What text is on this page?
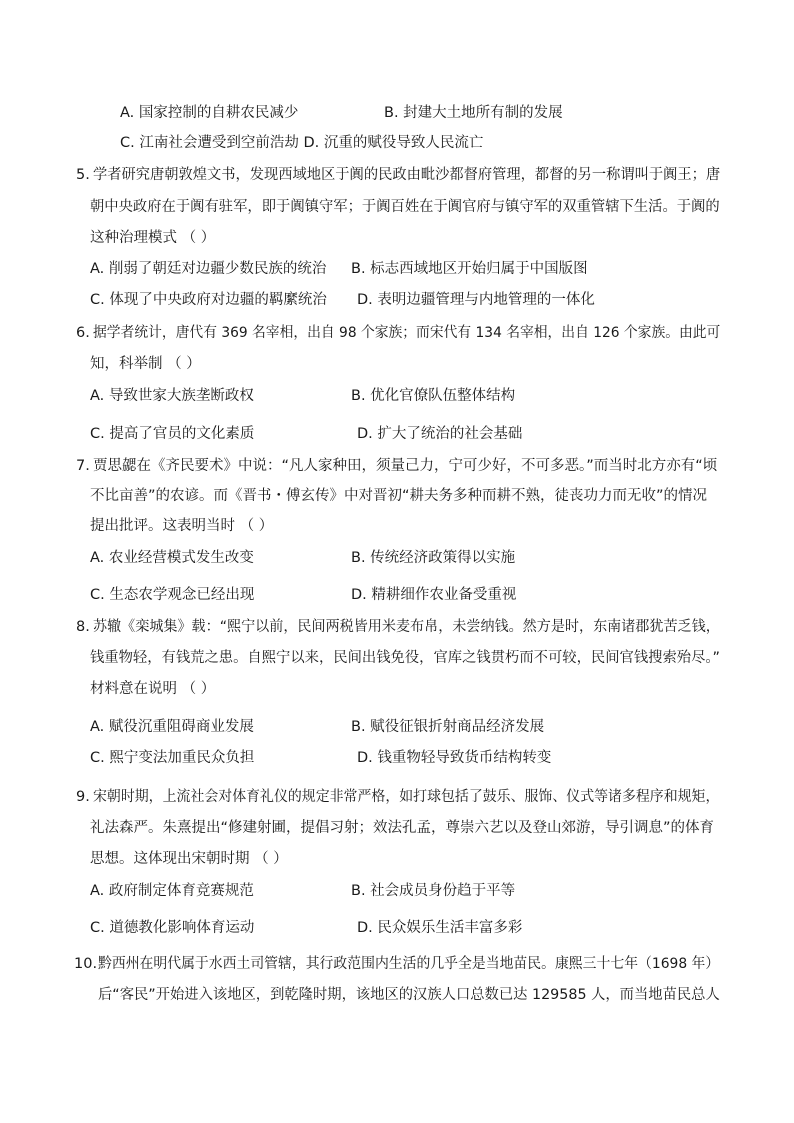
A. 国家控制的自耕农民减少	B. 封建大土地所有制的发展
C. 江南社会遭受到空前浩劫 D. 沉重的赋役导致人民流亡
5. 学者研究唐朝敦煌文书，发现西域地区于阗的民政由毗沙都督府管理，都督的另一称谓叫于阗王；唐
朝中央政府在于阗有驻军，即于阗镇守军；于阗百姓在于阗官府与镇守军的双重管辖下生活。于阗的
这种治理模式 （ ）
A. 削弱了朝廷对边疆少数民族的统治 B. 标志西域地区开始归属于中国版图
C. 体现了中央政府对边疆的羁縻统治 D. 表明边疆管理与内地管理的一体化
6. 据学者统计，唐代有 369 名宰相，出自 98 个家族；而宋代有 134 名宰相，出自 126 个家族。由此可
知，科举制 （ ）
A. 导致世家大族垄断政权	B. 优化官僚队伍整体结构
C. 提高了官员的文化素质	D. 扩大了统治的社会基础
7. 贾思勰在《齐民要术》中说：“凡人家种田，须量己力，宁可少好，不可多恶。”而当时北方亦有“顷
不比亩善”的农谚。而《晋书・傅玄传》中对晋初“耕夫务多种而耕不熟，徒丧功力而无收”的情况
提出批评。这表明当时 （ ）
A. 农业经营模式发生改变	B. 传统经济政策得以实施
C. 生态农学观念已经出现	D. 精耕细作农业备受重视
8. 苏辙《栾城集》载：“熙宁以前，民间两税皆用米麦布帛，未尝纳钱。然方是时，东南诸郡犹苦乏钱，
钱重物轻，有钱荒之患。自熙宁以来，民间出钱免役，官库之钱贯朽而不可较，民间官钱搜索殆尽。”
材料意在说明 （ ）
A. 赋役沉重阻碍商业发展	B. 赋役征银折射商品经济发展
C. 熙宁变法加重民众负担	D. 钱重物轻导致货币结构转变
9. 宋朝时期，上流社会对体育礼仪的规定非常严格，如打球包括了鼓乐、服饰、仪式等诸多程序和规矩，
礼法森严。朱熹提出“修建射圃，提倡习射；效法孔孟，尊崇六艺以及登山郊游，导引调息”的体育
思想。这体现出宋朝时期 （ ）
A. 政府制定体育竞赛规范	B. 社会成员身份趋于平等
C. 道德教化影响体育运动	D. 民众娱乐生活丰富多彩
10. 黔西州在明代属于水西土司管辖，其行政范围内生活的几乎全是当地苗民。康熙三十七年（1698 年）
后“客民”开始进入该地区，到乾隆时期，该地区的汉族人口总数已达 129585 人，而当地苗民总人
